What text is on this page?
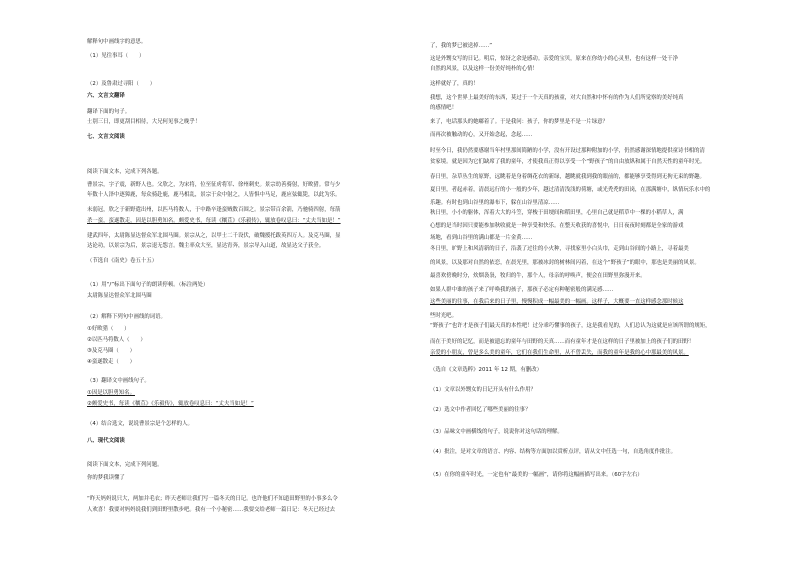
解释句中画线字的意思。
（1）见往事耳（　　）
（2）及鲁肃过寻阳（　　）
六、文言文翻译
翻译下面的句子。
士别三日，即更刮目相待，大兄何见事之晚乎！
七、文言文阅读
阅读下面文本，完成下列各题。
曹景宗，字子震，新野人也。父欣之，为宋将，位至征虏将军、徐州刺史。景宗幼善骑射，好畋猎。常与少
年数十人泽中逐獐鹿，每众骑赴鹿，鹿马相乱，景宗于众中射之，人皆惧中马足，鹿应弦辄毙，以此为乐。
未弱冠，欣之于新野遣出州，以匹马将数人，于中路卒逢蛮贼数百围之。景宗带百余箭，乃驰骑四射，每箭
杀一蛮，蛮遂散走，因是以胆勇知名。颇爱史书，每读《穰苴》《乐毅传》，辄放卷叹息曰：“丈夫当如是！”
建武四年，太尉陈显达督众军北围马圈。景宗从之，以甲士二千设伏，破魏援托跋英四万人。及克马圈，显
达论功，以景宗为后，景宗退无怨言。魏主率众大至，显达宵奔，景宗导入山道，故显达父子获全。
（节选自《南史》卷五十五）
（1）用“/”标出下面句子的朗读停顿。（标注两处）
太尉陈显达督众军北围马圈
（2）解释下列句中画线的词语。
①好畋猎（　　）
②以匹马将数人（　　）
③及克马圈（　　）
④蛮遂散走（　　）
（3）翻译文中画线句子。
①因是以胆勇知名。
②颇爱史书，每读《穰苴》《乐毅传》，辄放卷叹息曰：“丈夫当如是！”
（4）结合选文，说说曹景宗是个怎样的人。
八、现代文阅读
阅读下面文本，完成下列问题。
你的梦我读懂了
“昨天妈妈说只大，两加并毛衣；昨天老师让我们写一篇冬天的日记。也许他们不知道田野里的小事多么令
人欢喜！我要对妈妈说我们到田野里散步吧。我有一个小秘密……我要交给老师一篇日记：冬天已经过去
了，我的梦已被送掉……”
这是外甥女写的日记。明后，惊讶之余是感动。亲爱的宝贝，原来在你幼小的心灵里，也有这样一处干净
自然的风景，以及这样一份美好纯朴的心情！
这样就好了，真的！
我想，这个世界上最美好的东西，莫过于一个天真的孩童，对大自然和中怀有的作为人们所觉察的美好纯真
的感情吧！
来了，电话那头的她嘟着了。于是我问：孩子，你的梦里是不是一片绿意？
而再次被触动的心，又开始念起，念起……
时至今日，我仍然要感谢当年村里那间简陋的小学，没有开设过那种附加的小学，仍然感谢深情地提供童诗书相的清
贫家境。就是因为它们缺席了我的童年，才使我真正得以享受一个“野孩子”的自由放纵和属于自然天性的童年时光。
春日里，杂草丛生的原野，远眺着是身着绸花衣的新绿，越眺就我到我的眼前的，都能够享受得到无拘无束的野趣。
夏日里，者起赤着，清晨远行的小一般的少年，越过清清浅浅的荷塘，或光秃秃的田岗，在那满塘中，纵情玩乐水中的
乐趣。有时也到山谷里的瀑布下，躲在山谷里清凉……
秋日里，小小的躯体，浑着大大的斗笠，穿梭于田埂间和稻田里，心里自己就是稻草中一棵的小稻草人，满
心想的是当时因只要能参加秋收就是一种享受和快乐。在整天收获的喜悦中，日日夜夜时刻都是全家的游戏
场地，看到山谷里的满山都是一片金黄……
冬日里，旷野上和风清新的日子，沿袭了过往的小火种，寻找家里小白头巾，走到山谷间的小路上，寻着最美
的风景，以及那对自然的依恋，在晨光里，那被冰封的树林间闪着，在这个“野孩子”的眼中，那也是美丽的风景。
最喜欢傍晚时分，炊烟袅袅，牧归的牛，那个人，母亲的呼唤声，便会在田野里弥漫开来。
如果人群中谁的孩子来了呼唤我的孩子，那孩子必定有种秘密般的满足感……
这些美丽的往事，在我后来的日子里，慢慢积成一幅最美的一幅画。这样子，大概要一直这样感念那时候这
些时光吧。
“野孩子”也许才是孩子们最天真的本性吧！过分乖巧懂事的孩子，这是我看见的，人们总认为这就是应该所谓的规矩，
而在于美好的记忆，而是被遗忘的童年与田野的天真……而有童年才是在这样的日子里被加上的孩子们的田野！
亲爱的小朋友，曾是多么美的童年，它们在我们生命里，从不曾丢失，而我的童年是我的心中那最美的风景。
（选自《文章选粹》2011 年 12 期，有删改）
（1）文章以外甥女的日记开头有什么作用？
（2）选文中作者回忆了哪些美丽的往事？
（3）品味文中画横线的句子，说说你对这句话的理解。
（4）批注，是对文章的语言、内容、结构等方面加以赏析点评，请从文中任选一句，自选角度作批注。
（5）在你的童年时光，一定也有“最美的一幅画”，请你将这幅画描写出来。（60字左右）
